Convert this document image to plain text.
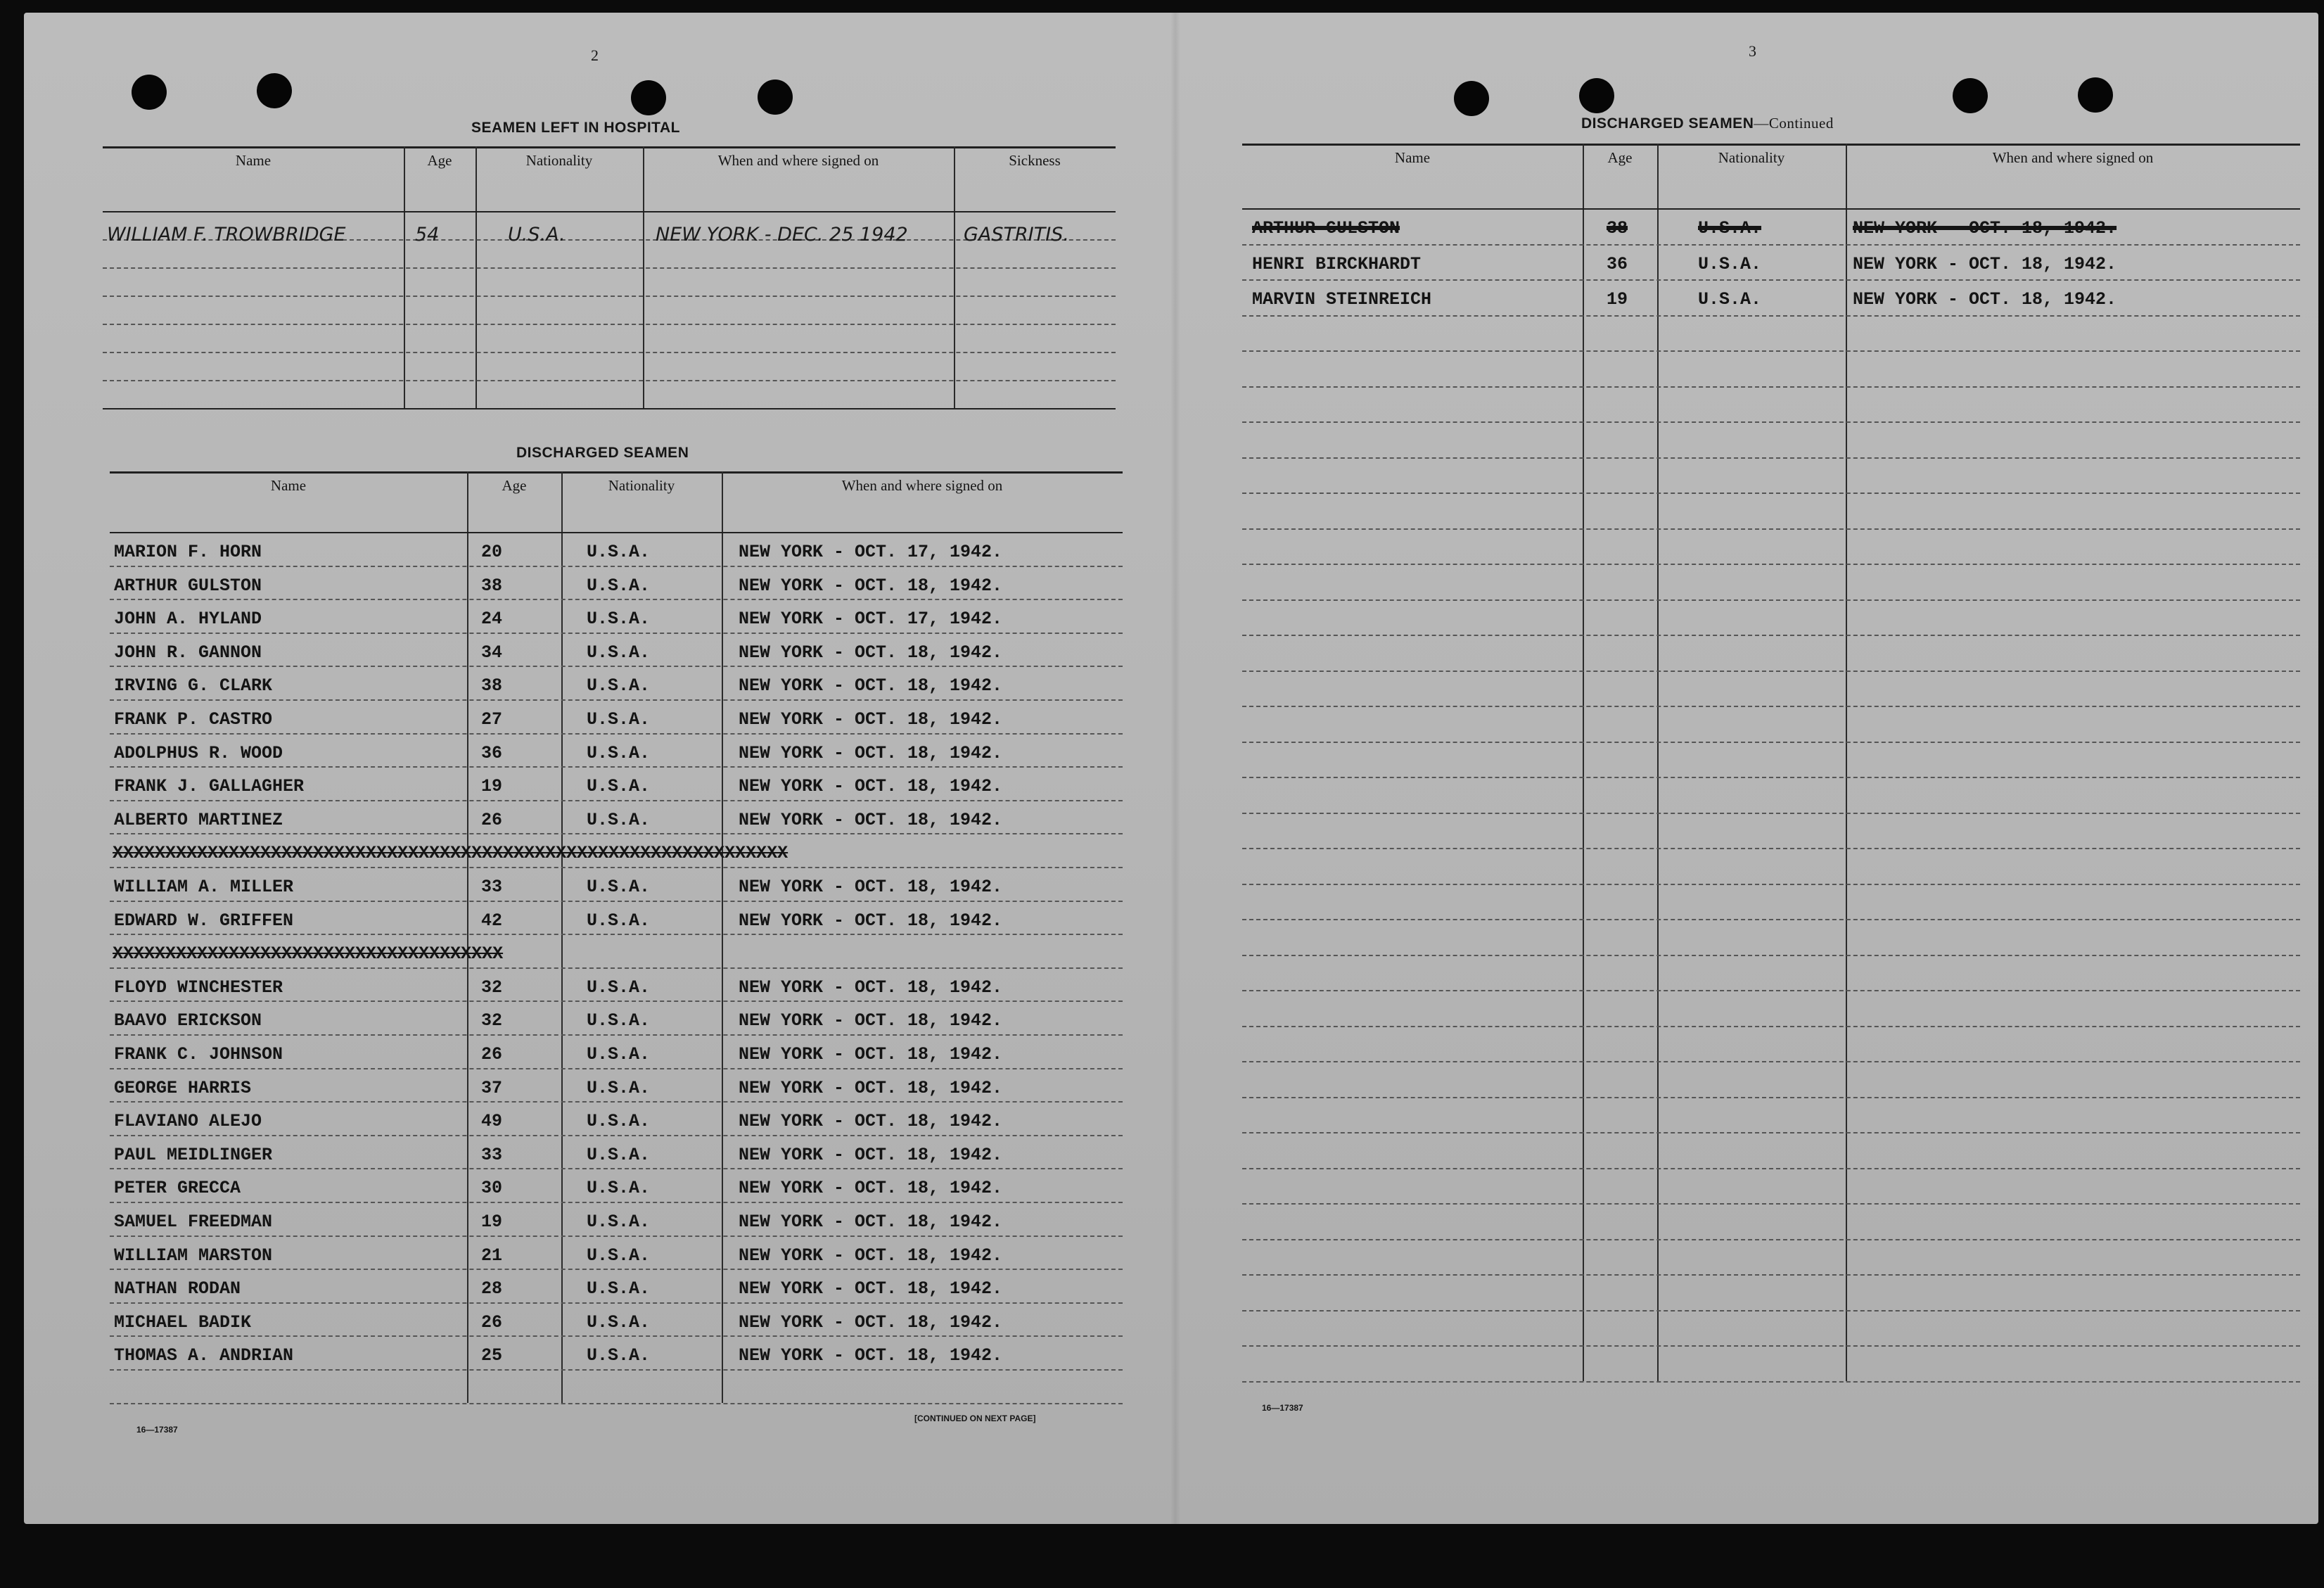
2
SEAMEN LEFT IN HOSPITAL
DISCHARGED SEAMEN
16—17387
[CONTINUED ON NEXT PAGE]
3
DISCHARGED SEAMEN—Continued
16—17387
Name	Age	Nationality	When and where signed on	Sickness
WILLIAM F. TROWBRIDGE	54	U.S.A.	NEW YORK - DEC. 25 1942	GASTRITIS.
Name	Age	Nationality	When and where signed on
MARION F. HORN	20	U.S.A.	NEW YORK - OCT. 17, 1942.
ARTHUR GULSTON	38	U.S.A.	NEW YORK - OCT. 18, 1942.
JOHN A. HYLAND	24	U.S.A.	NEW YORK - OCT. 17, 1942.
JOHN R. GANNON	34	U.S.A.	NEW YORK - OCT. 18, 1942.
IRVING G. CLARK	38	U.S.A.	NEW YORK - OCT. 18, 1942.
FRANK P. CASTRO	27	U.S.A.	NEW YORK - OCT. 18, 1942.
ADOLPHUS R. WOOD	36	U.S.A.	NEW YORK - OCT. 18, 1942.
FRANK J. GALLAGHER	19	U.S.A.	NEW YORK - OCT. 18, 1942.
ALBERTO MARTINEZ	26	U.S.A.	NEW YORK - OCT. 18, 1942.
XXXXXXXXXXXXXXXXXXXXXXXXXXXXXXXXXXXXXXXXXXXXXXXXXXXXXXXXXXXXXXXX
WILLIAM A. MILLER	33	U.S.A.	NEW YORK - OCT. 18, 1942.
EDWARD W. GRIFFEN	42	U.S.A.	NEW YORK - OCT. 18, 1942.
XXXXXXXXXXXXXXXXXXXXXXXXXXXXXXXXXXXXX
FLOYD WINCHESTER	32	U.S.A.	NEW YORK - OCT. 18, 1942.
BAAVO ERICKSON	32	U.S.A.	NEW YORK - OCT. 18, 1942.
FRANK C. JOHNSON	26	U.S.A.	NEW YORK - OCT. 18, 1942.
GEORGE HARRIS	37	U.S.A.	NEW YORK - OCT. 18, 1942.
FLAVIANO ALEJO	49	U.S.A.	NEW YORK - OCT. 18, 1942.
PAUL MEIDLINGER	33	U.S.A.	NEW YORK - OCT. 18, 1942.
PETER GRECCA	30	U.S.A.	NEW YORK - OCT. 18, 1942.
SAMUEL FREEDMAN	19	U.S.A.	NEW YORK - OCT. 18, 1942.
WILLIAM MARSTON	21	U.S.A.	NEW YORK - OCT. 18, 1942.
NATHAN RODAN	28	U.S.A.	NEW YORK - OCT. 18, 1942.
MICHAEL BADIK	26	U.S.A.	NEW YORK - OCT. 18, 1942.
THOMAS A. ANDRIAN	25	U.S.A.	NEW YORK - OCT. 18, 1942.
Name	Age	Nationality	When and where signed on
ARTHUR GULSTON	38	U.S.A.	NEW YORK - OCT. 18, 1942.
HENRI BIRCKHARDT	36	U.S.A.	NEW YORK - OCT. 18, 1942.
MARVIN STEINREICH	19	U.S.A.	NEW YORK - OCT. 18, 1942.
